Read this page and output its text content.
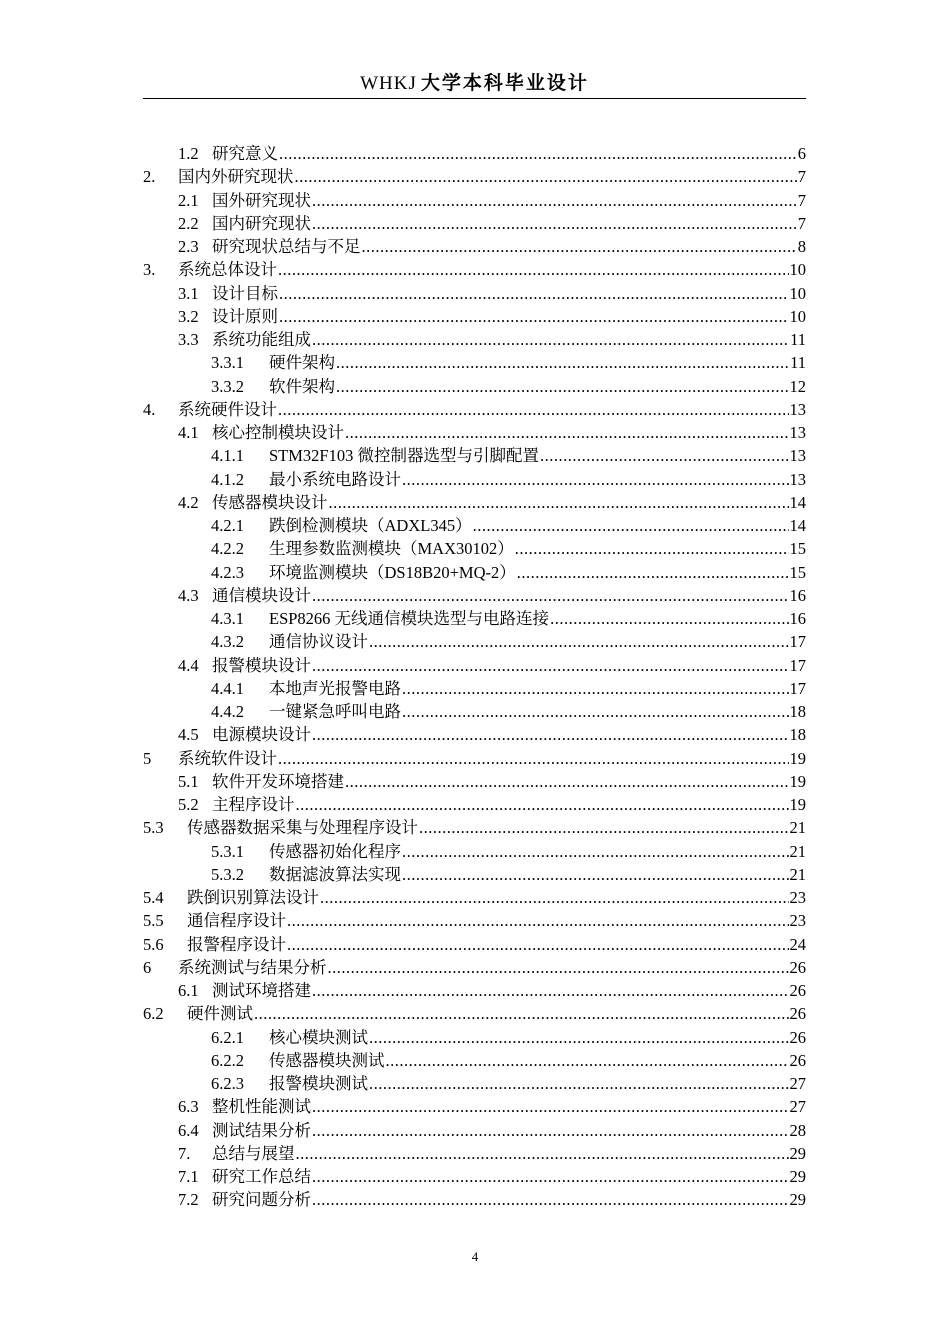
WHKJ 大学本科毕业设计
1.2 研究意义 .....	6
2.	国内外研究现状 .....	7
2.1 国外研究现状 .....	7
2.2 国内研究现状 .....	7
2.3 研究现状总结与不足 .....	8
3.	系统总体设计 .....	10
3.1 设计目标 .....	10
3.2 设计原则 .....	10
3.3 系统功能组成 .....	11
3.3.1	硬件架构 .....	11
3.3.2	软件架构 .....	12
4.	系统硬件设计 .....	13
4.1 核心控制模块设计 .....	13
4.1.1	STM32F103 微控制器选型与引脚配置 .....	13
4.1.2	最小系统电路设计 .....	13
4.2 传感器模块设计 .....	14
4.2.1	跌倒检测模块（ADXL345） .....	14
4.2.2	生理参数监测模块（MAX30102） .....	15
4.2.3	环境监测模块（DS18B20+MQ-2） .....	15
4.3 通信模块设计 .....	16
4.3.1	ESP8266 无线通信模块选型与电路连接 .....	16
4.3.2	通信协议设计 .....	17
4.4 报警模块设计 .....	17
4.4.1	本地声光报警电路 .....	17
4.4.2	一键紧急呼叫电路 .....	18
4.5 电源模块设计 .....	18
5	系统软件设计 .....	19
5.1 软件开发环境搭建 .....	19
5.2 主程序设计 .....	19
5.3	传感器数据采集与处理程序设计 .....	21
5.3.1	传感器初始化程序 .....	21
5.3.2	数据滤波算法实现 .....	21
5.4	跌倒识别算法设计 .....	23
5.5	通信程序设计 .....	23
5.6	报警程序设计 .....	24
6	系统测试与结果分析 .....	26
6.1 测试环境搭建 .....	26
6.2	硬件测试 .....	26
6.2.1	核心模块测试 .....	26
6.2.2	传感器模块测试 .....	26
6.2.3	报警模块测试 .....	27
6.3 整机性能测试 .....	27
6.4 测试结果分析 .....	28
7.	总结与展望 .....	29
7.1 研究工作总结 .....	29
7.2 研究问题分析 .....	29
4
